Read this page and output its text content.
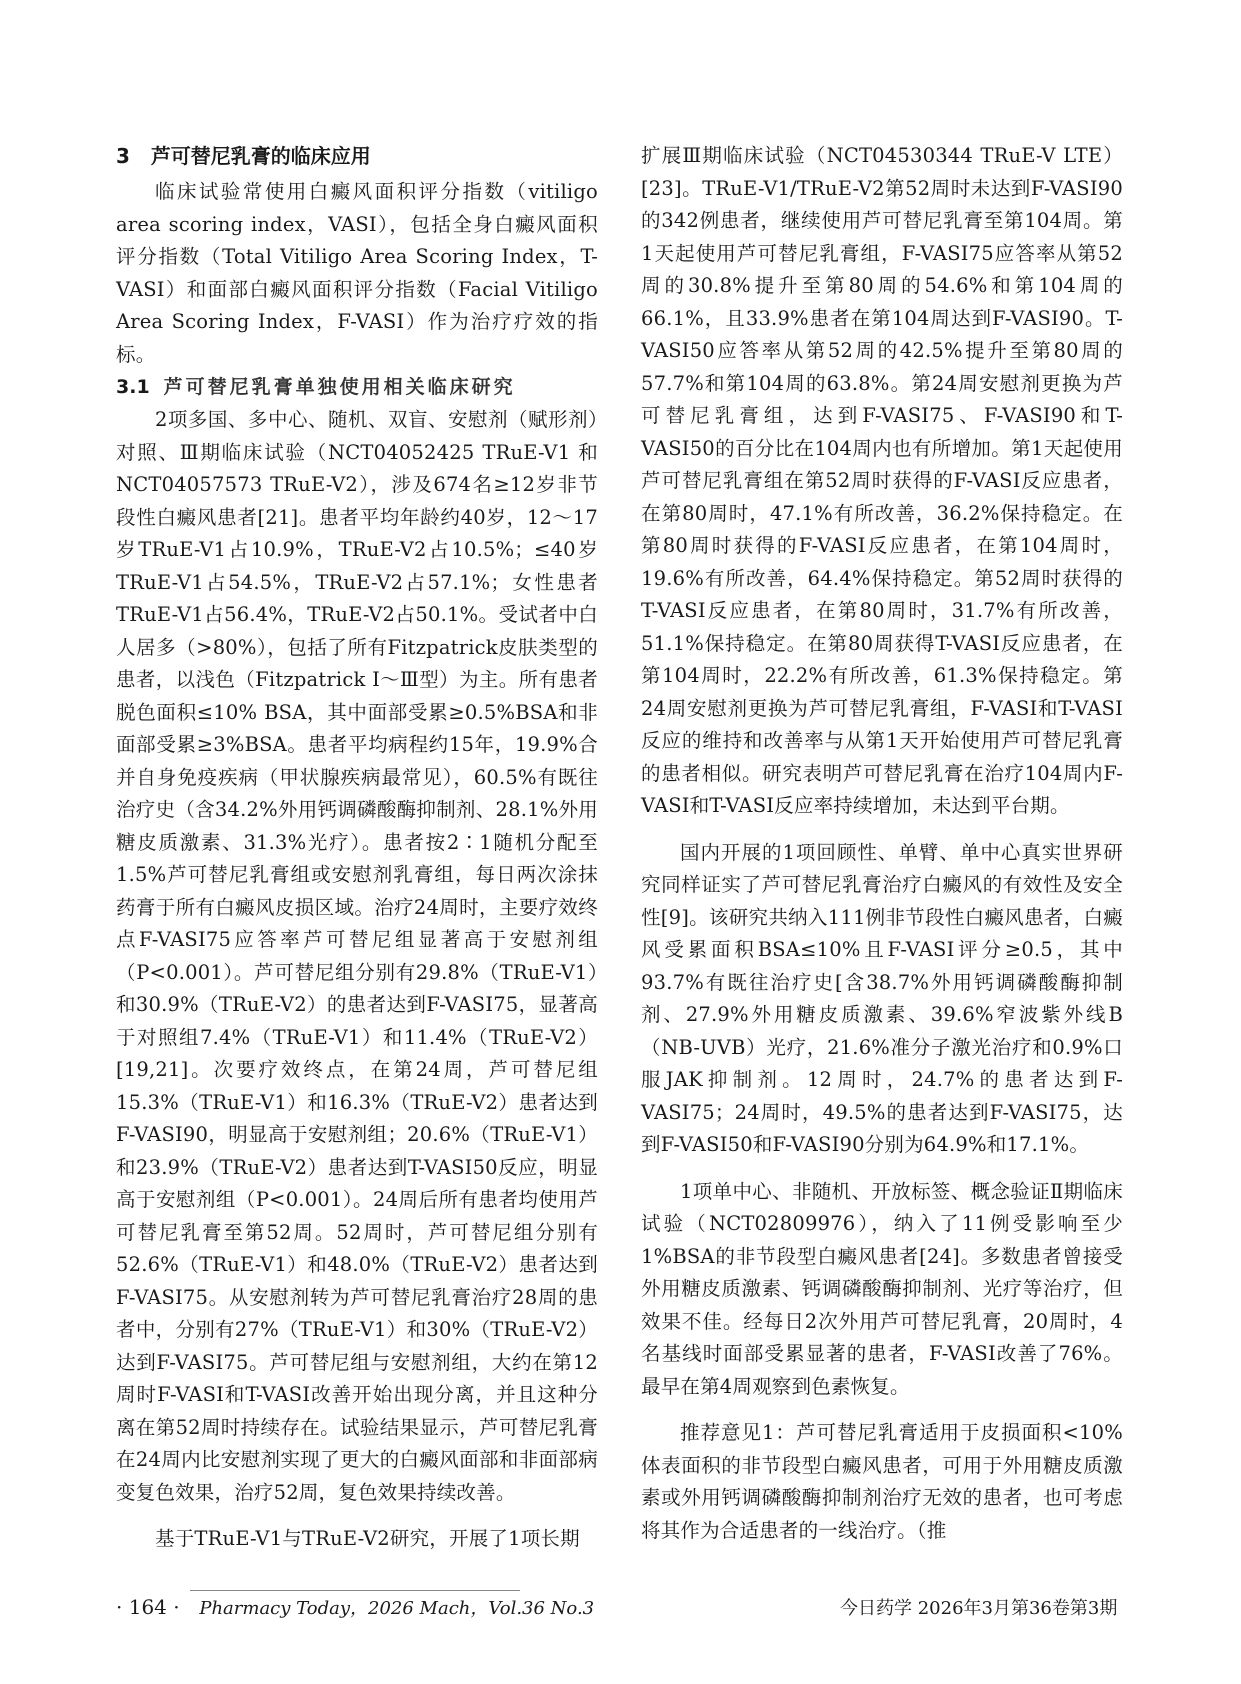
3 芦可替尼乳膏的临床应用

临床试验常使用白癜风面积评分指数（vitiligo area scoring index，VASI），包括全身白癜风面积评分指数（Total Vitiligo Area Scoring Index，T-VASI）和面部白癜风面积评分指数（Facial Vitiligo Area Scoring Index，F-VASI）作为治疗疗效的指标。

3.1 芦可替尼乳膏单独使用相关临床研究

2项多国、多中心、随机、双盲、安慰剂（赋形剂）对照、Ⅲ期临床试验（NCT04052425 TRuE-V1 和 NCT04057573 TRuE-V2），涉及674名≥12岁非节段性白癜风患者[21]。患者平均年龄约40岁，12～17岁TRuE-V1占10.9%，TRuE-V2占10.5%；≤40岁TRuE-V1占54.5%，TRuE-V2占57.1%；女性患者TRuE-V1占56.4%，TRuE-V2占50.1%。受试者中白人居多（>80%），包括了所有Fitzpatrick皮肤类型的患者，以浅色（Fitzpatrick Ⅰ～Ⅲ型）为主。所有患者脱色面积≤10% BSA，其中面部受累≥0.5%BSA和非面部受累≥3%BSA。患者平均病程约15年，19.9%合并自身免疫疾病（甲状腺疾病最常见），60.5%有既往治疗史（含34.2%外用钙调磷酸酶抑制剂、28.1%外用糖皮质激素、31.3%光疗）。患者按2∶1随机分配至1.5%芦可替尼乳膏组或安慰剂乳膏组，每日两次涂抹药膏于所有白癜风皮损区域。治疗24周时，主要疗效终点F-VASI75应答率芦可替尼组显著高于安慰剂组（P<0.001）。芦可替尼组分别有29.8%（TRuE-V1）和30.9%（TRuE-V2）的患者达到F-VASI75，显著高于对照组7.4%（TRuE-V1）和11.4%（TRuE-V2）[19,21]。次要疗效终点，在第24周，芦可替尼组15.3%（TRuE-V1）和16.3%（TRuE-V2）患者达到F-VASI90，明显高于安慰剂组；20.6%（TRuE-V1）和23.9%（TRuE-V2）患者达到T-VASI50反应，明显高于安慰剂组（P<0.001）。24周后所有患者均使用芦可替尼乳膏至第52周。52周时，芦可替尼组分别有52.6%（TRuE-V1）和48.0%（TRuE-V2）患者达到F-VASI75。从安慰剂转为芦可替尼乳膏治疗28周的患者中，分别有27%（TRuE-V1）和30%（TRuE-V2）达到F-VASI75。芦可替尼组与安慰剂组，大约在第12周时F-VASI和T-VASI改善开始出现分离，并且这种分离在第52周时持续存在。试验结果显示，芦可替尼乳膏在24周内比安慰剂实现了更大的白癜风面部和非面部病变复色效果，治疗52周，复色效果持续改善。

基于TRuE-V1与TRuE-V2研究，开展了1项长期

扩展Ⅲ期临床试验（NCT04530344 TRuE-V LTE）[23]。TRuE-V1/TRuE-V2第52周时未达到F-VASI90的342例患者，继续使用芦可替尼乳膏至第104周。第1天起使用芦可替尼乳膏组，F-VASI75应答率从第52周的30.8%提升至第80周的54.6%和第104周的66.1%，且33.9%患者在第104周达到F-VASI90。T-VASI50应答率从第52周的42.5%提升至第80周的57.7%和第104周的63.8%。第24周安慰剂更换为芦可替尼乳膏组，达到F-VASI75、F-VASI90和T-VASI50的百分比在104周内也有所增加。第1天起使用芦可替尼乳膏组在第52周时获得的F-VASI反应患者，在第80周时，47.1%有所改善，36.2%保持稳定。在第80周时获得的F-VASI反应患者，在第104周时，19.6%有所改善，64.4%保持稳定。第52周时获得的T-VASI反应患者，在第80周时，31.7%有所改善，51.1%保持稳定。在第80周获得T-VASI反应患者，在第104周时，22.2%有所改善，61.3%保持稳定。第24周安慰剂更换为芦可替尼乳膏组，F-VASI和T-VASI反应的维持和改善率与从第1天开始使用芦可替尼乳膏的患者相似。研究表明芦可替尼乳膏在治疗104周内F-VASI和T-VASI反应率持续增加，未达到平台期。

国内开展的1项回顾性、单臂、单中心真实世界研究同样证实了芦可替尼乳膏治疗白癜风的有效性及安全性[9]。该研究共纳入111例非节段性白癜风患者，白癜风受累面积BSA≤10%且F-VASI评分≥0.5，其中93.7%有既往治疗史[含38.7%外用钙调磷酸酶抑制剂、27.9%外用糖皮质激素、39.6%窄波紫外线B（NB-UVB）光疗，21.6%准分子激光治疗和0.9%口服JAK抑制剂。12周时，24.7%的患者达到F-VASI75；24周时，49.5%的患者达到F-VASI75，达到F-VASI50和F-VASI90分别为64.9%和17.1%。

1项单中心、非随机、开放标签、概念验证Ⅱ期临床试验（NCT02809976），纳入了11例受影响至少1%BSA的非节段型白癜风患者[24]。多数患者曾接受外用糖皮质激素、钙调磷酸酶抑制剂、光疗等治疗，但效果不佳。经每日2次外用芦可替尼乳膏，20周时，4名基线时面部受累显著的患者，F-VASI改善了76%。最早在第4周观察到色素恢复。

推荐意见1：芦可替尼乳膏适用于皮损面积<10%体表面积的非节段型白癜风患者，可用于外用糖皮质激素或外用钙调磷酸酶抑制剂治疗无效的患者，也可考虑将其作为合适患者的一线治疗。（推

· 164 · Pharmacy Today，2026 Mach，Vol.36 No.3	今日药学 2026年3月第36卷第3期
